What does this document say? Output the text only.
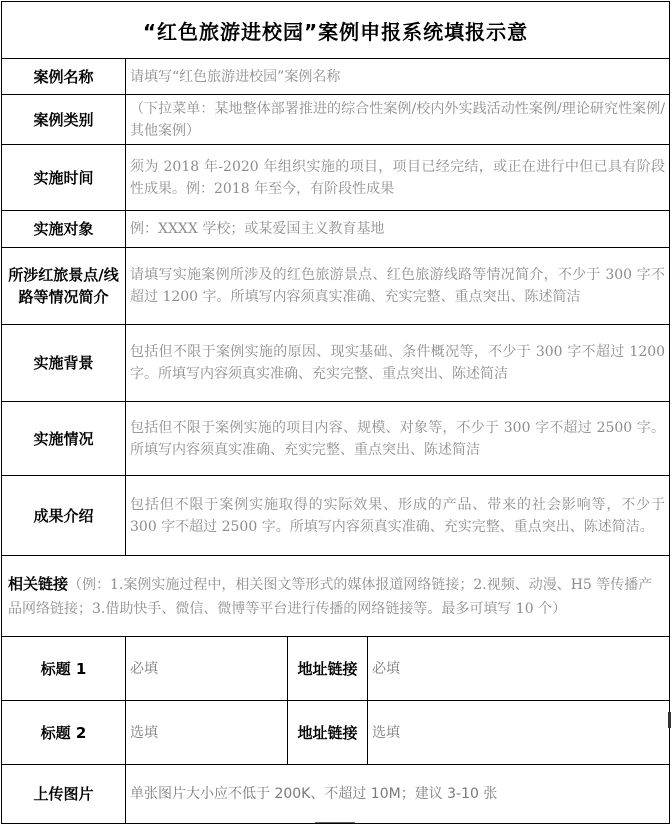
“红色旅游进校园”案例申报系统填报示意			
案例名称	请填写“红色旅游进校园”案例名称		
案例类别	（下拉菜单：某地整体部署推进的综合性案例/校内外实践活动性案例/理论研究性案例/其他案例）		
实施时间	须为 2018 年-2020 年组织实施的项目，项目已经完结，或正在进行中但已具有阶段性成果。例：2018 年至今，有阶段性成果		
实施对象	例：XXXX 学校；或某爱国主义教育基地		
所涉红旅景点/线路等情况简介	请填写实施案例所涉及的红色旅游景点、红色旅游线路等情况简介，不少于 300 字不超过 1200 字。所填写内容须真实准确、充实完整、重点突出、陈述简洁		
实施背景	包括但不限于案例实施的原因、现实基础、条件概况等，不少于 300 字不超过 1200 字。所填写内容须真实准确、充实完整、重点突出、陈述简洁		
实施情况	包括但不限于案例实施的项目内容、规模、对象等，不少于 300 字不超过 2500 字。所填写内容须真实准确、充实完整、重点突出、陈述简洁		
成果介绍	包括但不限于案例实施取得的实际效果、形成的产品、带来的社会影响等，不少于 300 字不超过 2500 字。所填写内容须真实准确、充实完整、重点突出、陈述简洁。		
相关链接（例：1.案例实施过程中，相关图文等形式的媒体报道网络链接；2.视频、动漫、H5 等传播产品网络链接；3.借助快手、微信、微博等平台进行传播的网络链接等。最多可填写 10 个）			
标题 1	必填	地址链接	必填
标题 2	选填	地址链接	选填
上传图片	单张图片大小应不低于 200K、不超过 10M；建议 3-10 张		
